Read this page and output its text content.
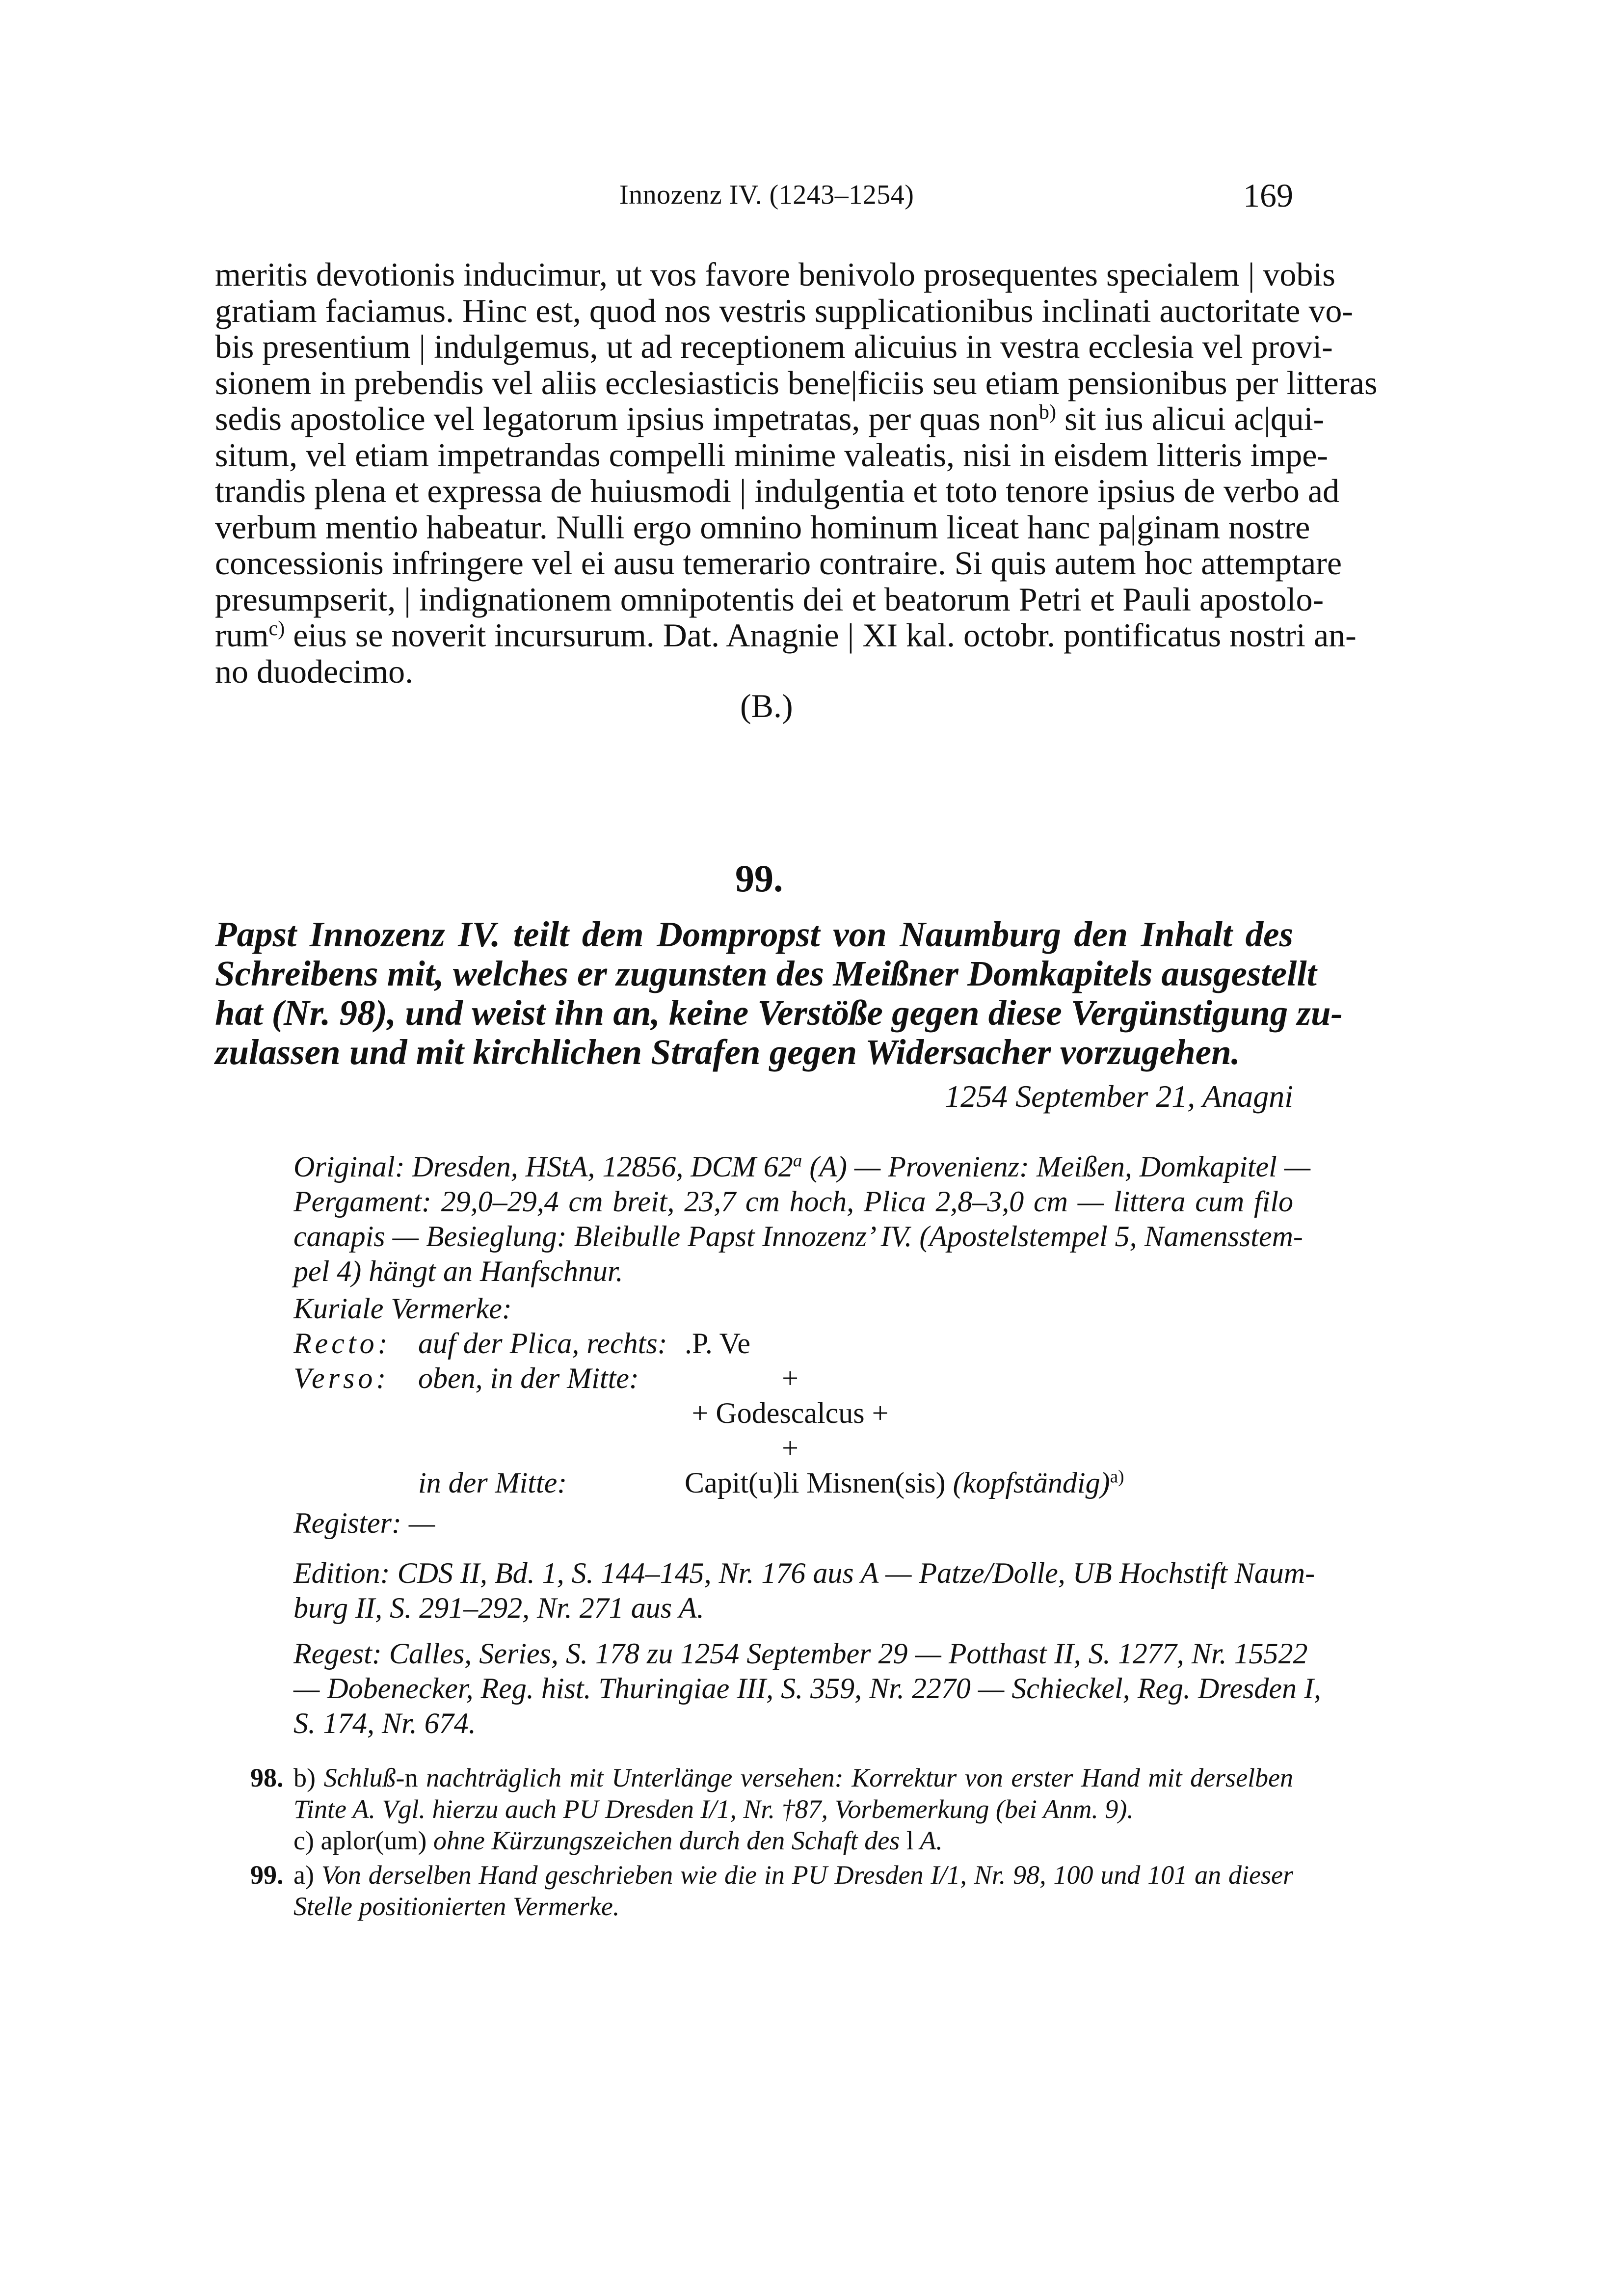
Innozenz IV. (1243–1254)	169
meritis devotionis inducimur, ut vos favore benivolo prosequentes specialem | vobis
gratiam faciamus. Hinc est, quod nos vestris supplicationibus inclinati auctoritate vo-
bis presentium | indulgemus, ut ad receptionem alicuius in vestra ecclesia vel provi-
sionem in prebendis vel aliis ecclesiasticis bene|ficiis seu etiam pensionibus per litteras
sedis apostolice vel legatorum ipsius impetratas, per quas non$^{b)}$ sit ius alicui ac|qui-
situm, vel etiam impetrandas compelli minime valeatis, nisi in eisdem litteris impe-
trandis plena et expressa de huiusmodi | indulgentia et toto tenore ipsius de verbo ad
verbum mentio habeatur. Nulli ergo omnino hominum liceat hanc pa|ginam nostre
concessionis infringere vel ei ausu temerario contraire. Si quis autem hoc attemptare
presumpserit, | indignationem omnipotentis dei et beatorum Petri et Pauli apostolo-
rum$^{c)}$ eius se noverit incursurum. Dat. Anagnie | XI kal. octobr. pontificatus nostri an-
no duodecimo.
(B.)
99.
Papst Innozenz IV. teilt dem Dompropst von Naumburg den Inhalt des
Schreibens mit, welches er zugunsten des Meißner Domkapitels ausgestellt
hat (Nr. 98), und weist ihn an, keine Verstöße gegen diese Vergünstigung zu-
zulassen und mit kirchlichen Strafen gegen Widersacher vorzugehen.
1254 September 21, Anagni
Original: Dresden, HStA, 12856, DCM 62$^a$ (A) — Provenienz: Meißen, Domkapitel —
Pergament: 29,0–29,4 cm breit, 23,7 cm hoch, Plica 2,8–3,0 cm — littera cum filo
canapis — Besieglung: Bleibulle Papst Innozenz’ IV. (Apostelstempel 5, Namensstem-
pel 4) hängt an Hanfschnur.
Kuriale Vermerke:
Recto: auf der Plica, rechts: .P. Ve
Verso: oben, in der Mitte:	+
+ Godescalcus +
+
in der Mitte:	Capit(u)li Misnen(sis) (kopfständig)$^{a)}$
Register: —
Edition: CDS II, Bd. 1, S. 144–145, Nr. 176 aus A — Patze/Dolle, UB Hochstift Naum-
burg II, S. 291–292, Nr. 271 aus A.
Regest: Calles, Series, S. 178 zu 1254 September 29 — Potthast II, S. 1277, Nr. 15522
— Dobenecker, Reg. hist. Thuringiae III, S. 359, Nr. 2270 — Schieckel, Reg. Dresden I,
S. 174, Nr. 674.
98. b) Schluß-n nachträglich mit Unterlänge versehen: Korrektur von erster Hand mit derselben
Tinte A. Vgl. hierzu auch PU Dresden I/1, Nr. †87, Vorbemerkung (bei Anm. 9).
c) aplor(um) ohne Kürzungszeichen durch den Schaft des l A.
99. a) Von derselben Hand geschrieben wie die in PU Dresden I/1, Nr. 98, 100 und 101 an dieser
Stelle positionierten Vermerke.
